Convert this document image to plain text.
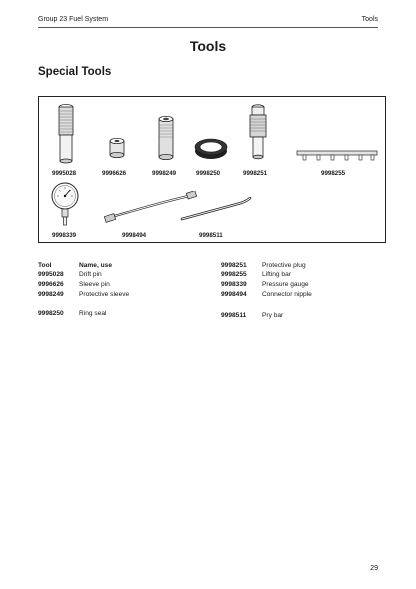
Group 23 Fuel System	Tools
Tools
Special Tools
9995028	9996626	9998249	9998250	9998251	9998255
9998339	9998494	9998511
Tool	Name, use
9995028 Drift pin
9996626 Sleeve pin
9998249 Protective sleeve
9998250 Ring seal
9998251 Protective plug
9998255 Lifting bar
9998339 Pressure gauge
9998494 Connector nipple
9998511 Pry bar
29
